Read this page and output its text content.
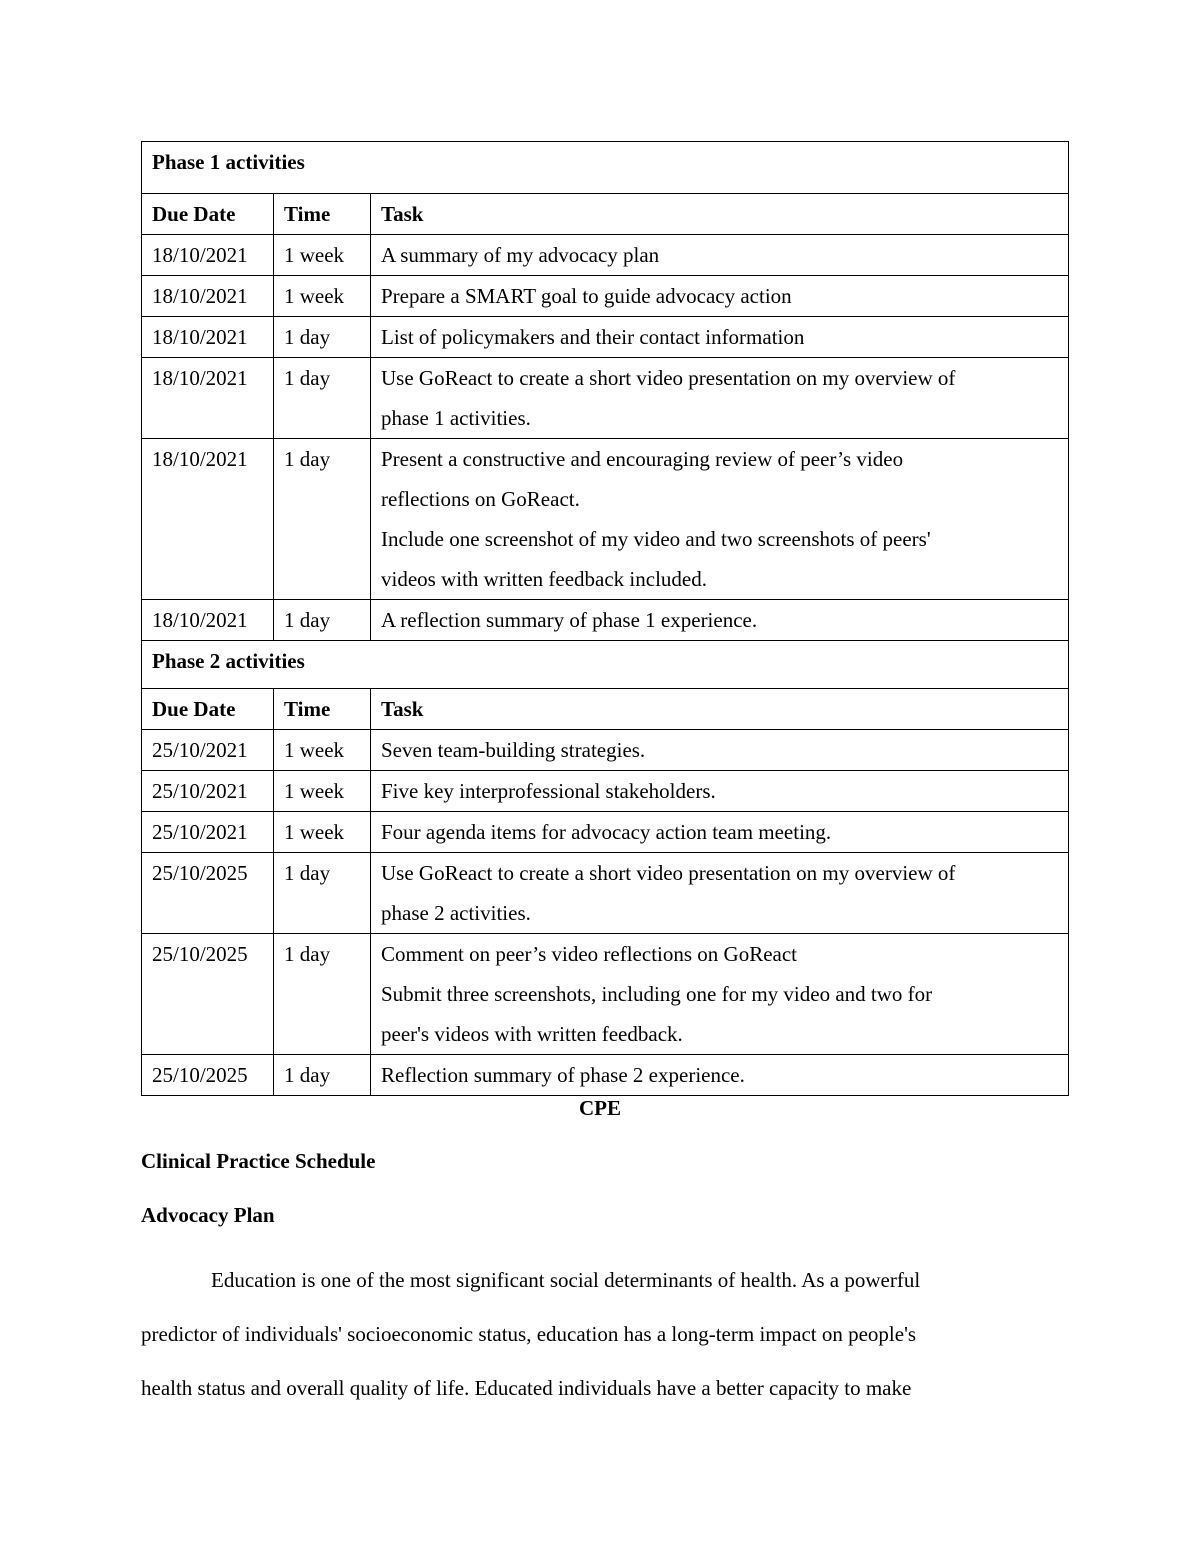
Phase 1 activities		
Due Date	Time	Task
18/10/2021	1 week	A summary of my advocacy plan

18/10/2021	1 week	Prepare a SMART goal to guide advocacy action

18/10/2021	1 day	List of policymakers and their contact information

18/10/2021	1 day	Use GoReact to create a short video presentation on my overview of
phase 1 activities.

18/10/2021	1 day	Present a constructive and encouraging review of peer’s video
reflections on GoReact.
Include one screenshot of my video and two screenshots of peers'
videos with written feedback included.

18/10/2021	1 day	A reflection summary of phase 1 experience.

Phase 2 activities		
Due Date	Time	Task
25/10/2021	1 week	Seven team-building strategies.

25/10/2021	1 week	Five key interprofessional stakeholders.

25/10/2021	1 week	Four agenda items for advocacy action team meeting.

25/10/2025	1 day	Use GoReact to create a short video presentation on my overview of
phase 2 activities.

25/10/2025	1 day	Comment on peer’s video reflections on GoReact
Submit three screenshots, including one for my video and two for
peer's videos with written feedback.

25/10/2025	1 day	Reflection summary of phase 2 experience.
CPE
Clinical Practice Schedule
Advocacy Plan
Education is one of the most significant social determinants of health. As a powerful
predictor of individuals' socioeconomic status, education has a long-term impact on people's
health status and overall quality of life. Educated individuals have a better capacity to make
